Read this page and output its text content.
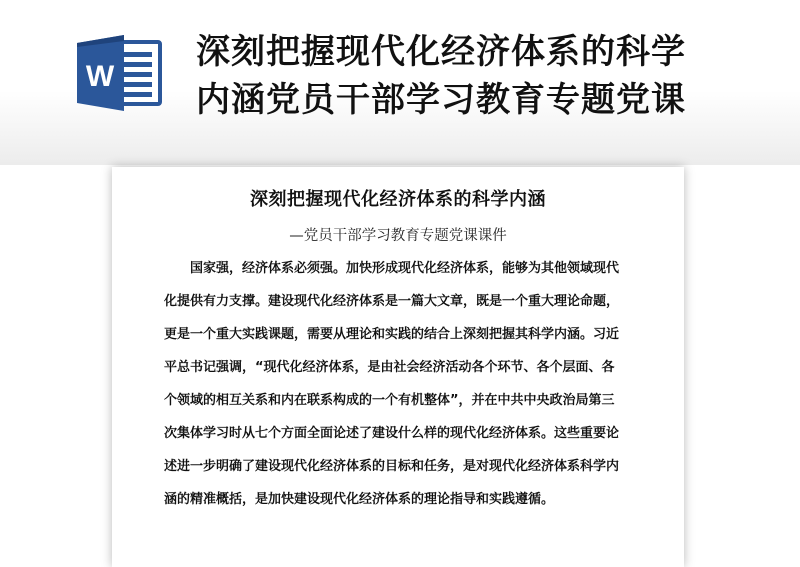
W
深刻把握现代化经济体系的科学
内涵党员干部学习教育专题党课
深刻把握现代化经济体系的科学内涵
—党员干部学习教育专题党课课件
国家强，经济体系必须强。加快形成现代化经济体系，能够为其他领域现代
化提供有力支撑。建设现代化经济体系是一篇大文章，既是一个重大理论命题，
更是一个重大实践课题，需要从理论和实践的结合上深刻把握其科学内涵。习近
平总书记强调，“现代化经济体系，是由社会经济活动各个环节、各个层面、各
个领域的相互关系和内在联系构成的一个有机整体”，并在中共中央政治局第三
次集体学习时从七个方面全面论述了建设什么样的现代化经济体系。这些重要论
述进一步明确了建设现代化经济体系的目标和任务，是对现代化经济体系科学内
涵的精准概括，是加快建设现代化经济体系的理论指导和实践遵循。
